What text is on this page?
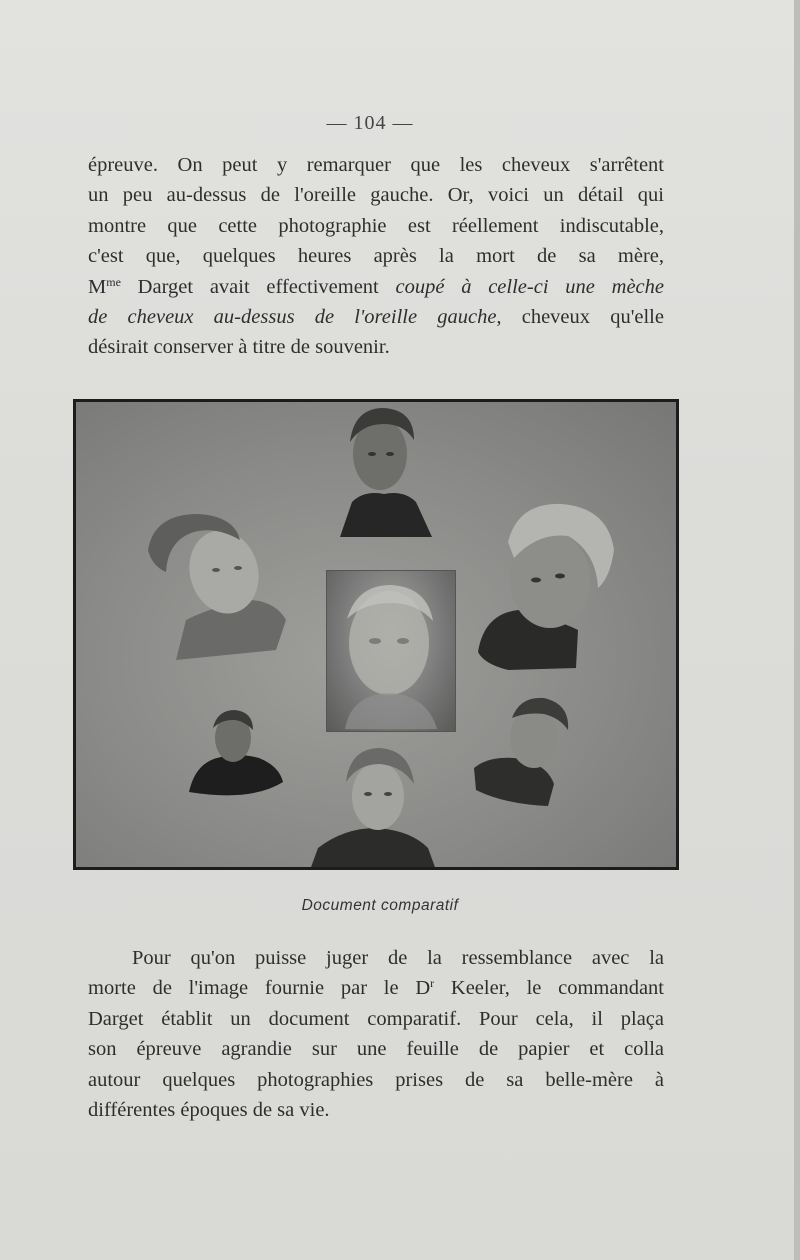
— 104 —
épreuve. On peut y remarquer que les cheveux s'arrêtent
un peu au-dessus de l'oreille gauche. Or, voici un détail qui
montre que cette photographie est réellement indiscutable,
c'est que, quelques heures après la mort de sa mère,
$M^{me}$ Darget avait effectivement coupé à celle-ci une mèche
de cheveux au-dessus de l'oreille gauche, cheveux qu'elle
désirait conserver à titre de souvenir.
Document comparatif
Pour qu'on puisse juger de la ressemblance avec la
morte de l'image fournie par le $D^r$ Keeler, le commandant
Darget établit un document comparatif. Pour cela, il plaça
son épreuve agrandie sur une feuille de papier et colla
autour quelques photographies prises de sa belle-mère à
différentes époques de sa vie.
